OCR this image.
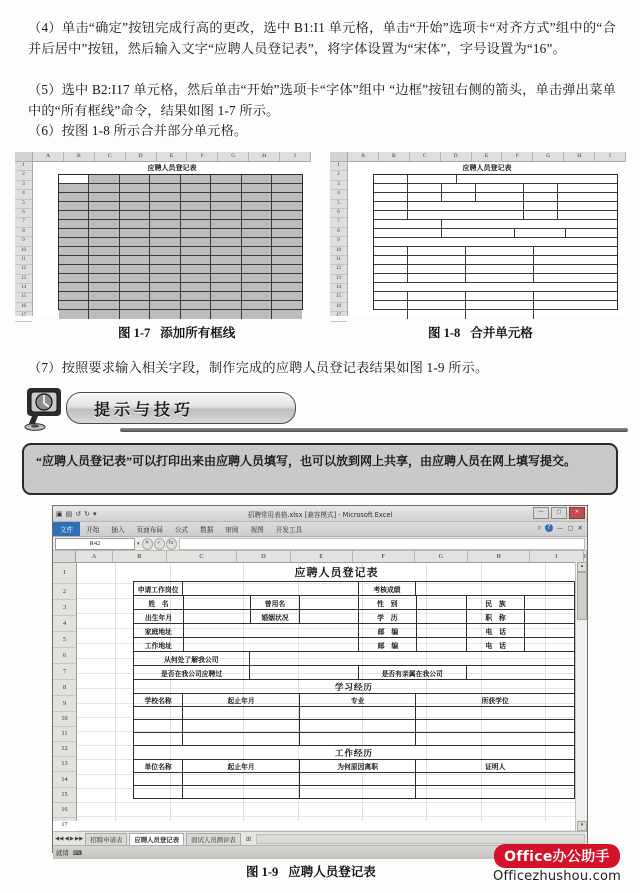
（4）单击“确定”按钮完成行高的更改，选中 B1:I1 单元格，单击“开始”选项卡“对齐方式”组中的“合并后居中”按钮，然后输入文字“应聘人员登记表”，将字体设置为“宋体”，字号设置为“16”。

（5）选中 B2:I17 单元格，然后单击“开始”选项卡“字体”组中 “边框”按钮右侧的箭头，单击弹出菜单中的“所有框线”命令，结果如图 1-7 所示。

（6）按图 1-8 所示合并部分单元格。

（7）按照要求输入相关字段，制作完成的应聘人员登记表结果如图 1-9 所示。

A	B	C	D	E	F	G	H	I
1
2
3
4
5
6
7
8
9
10
11
12
13
14
15
16
17
应聘人员登记表
A	B	C	D	E	F	G	H	I
1
2
3
4
5
6
7
8
9
10
11
12
13
14
15
16
17
应聘人员登记表
图 1-7 添加所有框线	图 1-8 合并单元格
提示与技巧

“应聘人员登记表”可以打印出来由应聘人员填写，也可以放到网上共享，由应聘人员在网上填写提交。

▣ ▤ ↺ ↻ ▾	招聘常用表格.xlsx [兼容模式] - Microsoft Excel	—	▢	✕
文件	开始	插入	页面布局	公式	数据	审阅	视图	开发工具	▿	? — ▢ ✕
R42	▾ ✕	✓	fx
A	B	C	D	E	F	G	H	I	J
1
2
3
4
5
6
7
8
9
10
11
12
13
14
15
16
17
应聘人员登记表
申请工作岗位	考核成绩
姓　名	曾用名	性　别	民　族
出生年月	婚姻状况	学　历	职　称
家庭地址	邮　编	电　话
工作地址	邮　编	电　话
从何处了解我公司
是否在我公司应聘过	是否有亲属在我公司
学习经历
学校名称	起止年月	专业	所获学位
工作经历
单位名称	起止年月	为何原因离职	证明人
▴
▾
◀◀ ◀ ▶ ▶▶	招聘申请表	应聘人员登记表	面试人员测评表	⊞
就绪 ⌨
图 1-9 应聘人员登记表
Office办公助手
Officezhushou.com
